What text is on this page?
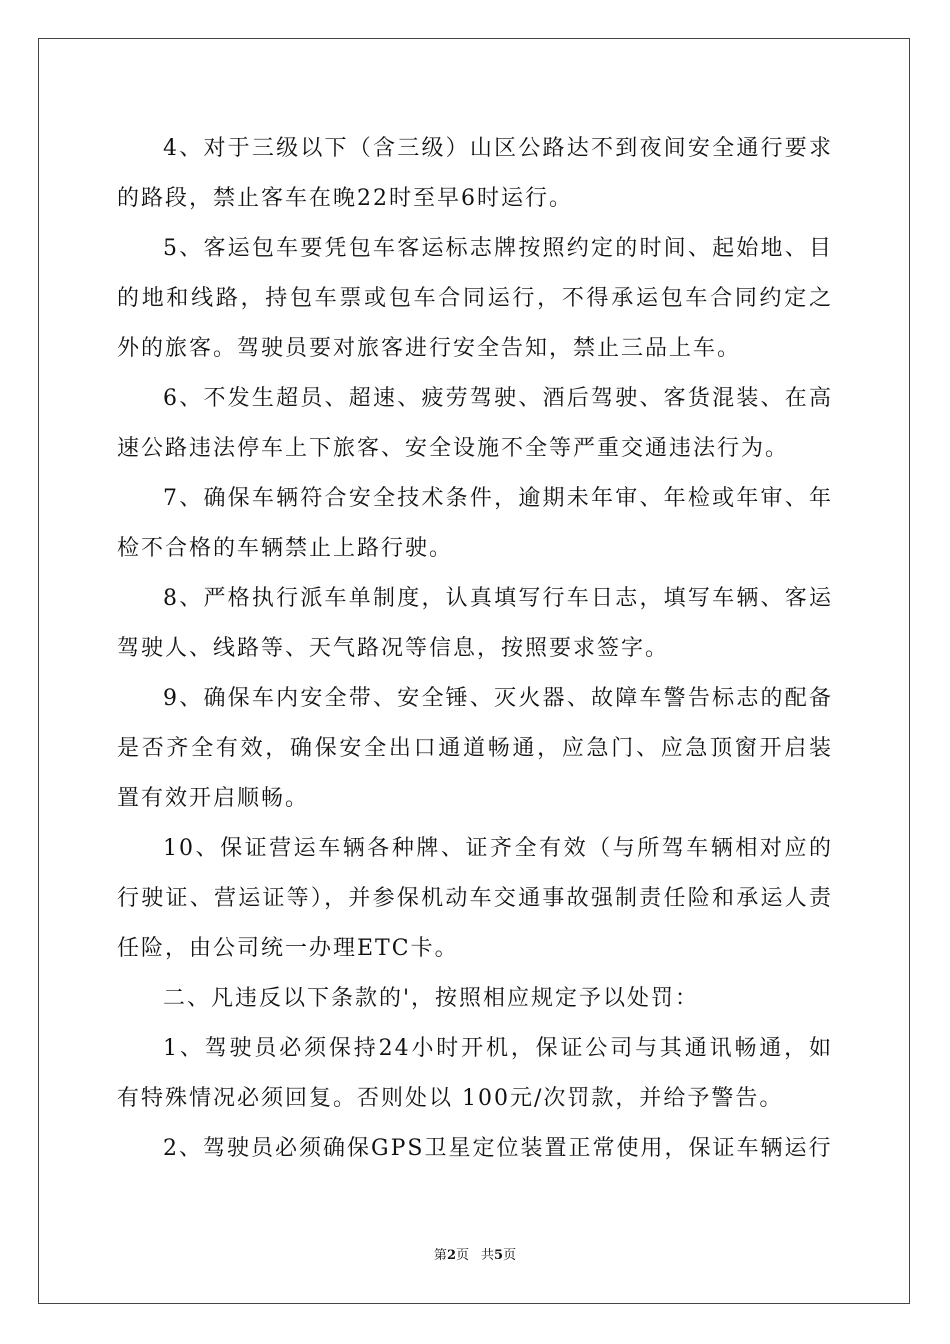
4、对于三级以下（含三级）山区公路达不到夜间安全通行要求的路段，禁止客车在晚22时至早6时运行。

5、客运包车要凭包车客运标志牌按照约定的时间、起始地、目的地和线路，持包车票或包车合同运行，不得承运包车合同约定之外的旅客。驾驶员要对旅客进行安全告知，禁止三品上车。

6、不发生超员、超速、疲劳驾驶、酒后驾驶、客货混装、在高速公路违法停车上下旅客、安全设施不全等严重交通违法行为。

7、确保车辆符合安全技术条件，逾期未年审、年检或年审、年检不合格的车辆禁止上路行驶。

8、严格执行派车单制度，认真填写行车日志，填写车辆、客运驾驶人、线路等、天气路况等信息，按照要求签字。

9、确保车内安全带、安全锤、灭火器、故障车警告标志的配备是否齐全有效，确保安全出口通道畅通，应急门、应急顶窗开启装置有效开启顺畅。

10、保证营运车辆各种牌、证齐全有效（与所驾车辆相对应的行驶证、营运证等），并参保机动车交通事故强制责任险和承运人责任险，由公司统一办理ETC卡。

二、凡违反以下条款的'，按照相应规定予以处罚：

1、驾驶员必须保持24小时开机，保证公司与其通讯畅通，如有特殊情况必须回复。否则处以 100元/次罚款，并给予警告。

2、驾驶员必须确保GPS卫星定位装置正常使用，保证车辆运行

第2页 共5页
